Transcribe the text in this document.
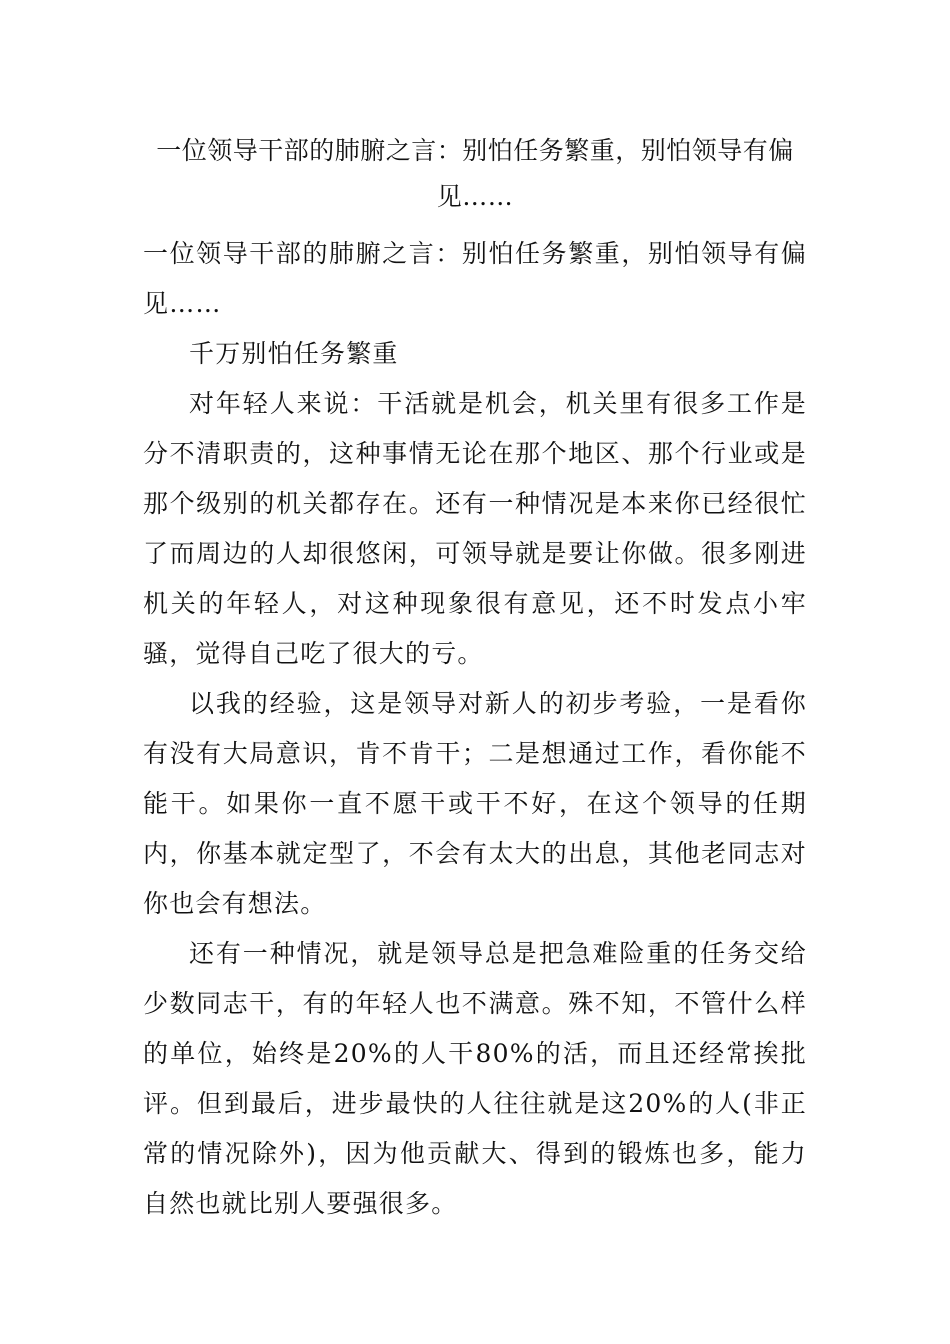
一位领导干部的肺腑之言：别怕任务繁重，别怕领导有偏见……

一位领导干部的肺腑之言：别怕任务繁重，别怕领导有偏见……

千万别怕任务繁重

对年轻人来说：干活就是机会，机关里有很多工作是分不清职责的，这种事情无论在那个地区、那个行业或是那个级别的机关都存在。还有一种情况是本来你已经很忙了而周边的人却很悠闲，可领导就是要让你做。很多刚进机关的年轻人，对这种现象很有意见，还不时发点小牢骚，觉得自己吃了很大的亏。

以我的经验，这是领导对新人的初步考验，一是看你有没有大局意识，肯不肯干；二是想通过工作，看你能不能干。如果你一直不愿干或干不好，在这个领导的任期内，你基本就定型了，不会有太大的出息，其他老同志对你也会有想法。

还有一种情况，就是领导总是把急难险重的任务交给少数同志干，有的年轻人也不满意。殊不知，不管什么样的单位，始终是20%的人干80%的活，而且还经常挨批评。但到最后，进步最快的人往往就是这20%的人(非正常的情况除外)，因为他贡献大、得到的锻炼也多，能力自然也就比别人要强很多。
